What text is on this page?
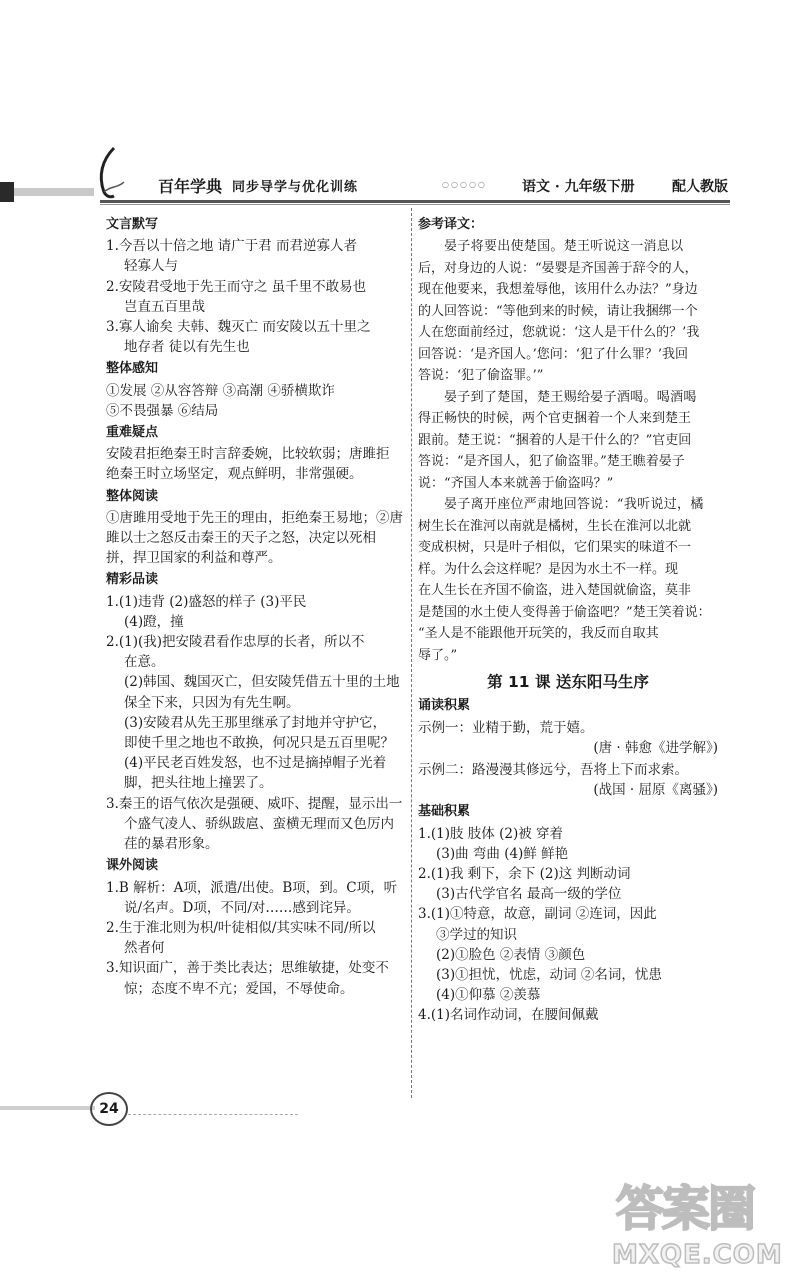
百年学典 同步导学与优化训练	○○○○○	语文 · 九年级下册	配人教版
文言默写

1.今吾以十倍之地 请广于君 而君逆寡人者

轻寡人与

2.安陵君受地于先王而守之 虽千里不敢易也

岂直五百里哉

3.寡人谕矣 夫韩、魏灭亡 而安陵以五十里之

地存者 徒以有先生也

整体感知

①发展 ②从容答辩 ③高潮 ④骄横欺诈

⑤不畏强暴 ⑥结局

重难疑点

安陵君拒绝秦王时言辞委婉，比较软弱；唐雎拒

绝秦王时立场坚定，观点鲜明，非常强硬。

整体阅读

①唐雎用受地于先王的理由，拒绝秦王易地；②唐

雎以士之怒反击秦王的天子之怒，决定以死相

拼，捍卫国家的利益和尊严。

精彩品读

1.(1)违背 (2)盛怒的样子 (3)平民

(4)蹬，撞

2.(1)(我)把安陵君看作忠厚的长者，所以不

在意。

(2)韩国、魏国灭亡，但安陵凭借五十里的土地

保全下来，只因为有先生啊。

(3)安陵君从先王那里继承了封地并守护它，

即使千里之地也不敢换，何况只是五百里呢？

(4)平民老百姓发怒，也不过是摘掉帽子光着

脚，把头往地上撞罢了。

3.秦王的语气依次是强硬、威吓、提醒，显示出一

个盛气凌人、骄纵跋扈、蛮横无理而又色厉内

荏的暴君形象。

课外阅读

1.B 解析：A项，派遣/出使。B项，到。C项，听

说/名声。D项，不同/对……感到诧异。

2.生于淮北则为枳/叶徒相似/其实味不同/所以

然者何

3.知识面广，善于类比表达；思维敏捷，处变不

惊；态度不卑不亢；爱国，不辱使命。

参考译文：

晏子将要出使楚国。楚王听说这一消息以

后，对身边的人说：“晏婴是齐国善于辞令的人，

现在他要来，我想羞辱他，该用什么办法？”身边

的人回答说：“等他到来的时候，请让我捆绑一个

人在您面前经过，您就说：‘这人是干什么的？’我

回答说：‘是齐国人。’您问：‘犯了什么罪？’我回

答说：‘犯了偷盗罪。’”

晏子到了楚国，楚王赐给晏子酒喝。喝酒喝

得正畅快的时候，两个官吏捆着一个人来到楚王

跟前。楚王说：“捆着的人是干什么的？”官吏回

答说：“是齐国人，犯了偷盗罪。”楚王瞧着晏子

说：“齐国人本来就善于偷盗吗？”

晏子离开座位严肃地回答说：“我听说过，橘

树生长在淮河以南就是橘树，生长在淮河以北就

变成枳树，只是叶子相似，它们果实的味道不一

样。为什么会这样呢？是因为水土不一样。现

在人生长在齐国不偷盗，进入楚国就偷盗，莫非

是楚国的水土使人变得善于偷盗吧？”楚王笑着说：

“圣人是不能跟他开玩笑的，我反而自取其

辱了。”

第 11 课 送东阳马生序
诵读积累

示例一：业精于勤，荒于嬉。

(唐 · 韩愈《进学解》)

示例二：路漫漫其修远兮，吾将上下而求索。

(战国 · 屈原《离骚》)

基础积累

1.(1)肢 肢体 (2)被 穿着

(3)曲 弯曲 (4)鲜 鲜艳

2.(1)我 剩下，余下 (2)这 判断动词

(3)古代学官名 最高一级的学位

3.(1)①特意，故意，副词 ②连词，因此

③学过的知识

(2)①脸色 ②表情 ③颜色

(3)①担忧，忧虑，动词 ②名词，忧患

(4)①仰慕 ②羡慕

4.(1)名词作动词，在腰间佩戴

24
答案圈
MXQE.COM
